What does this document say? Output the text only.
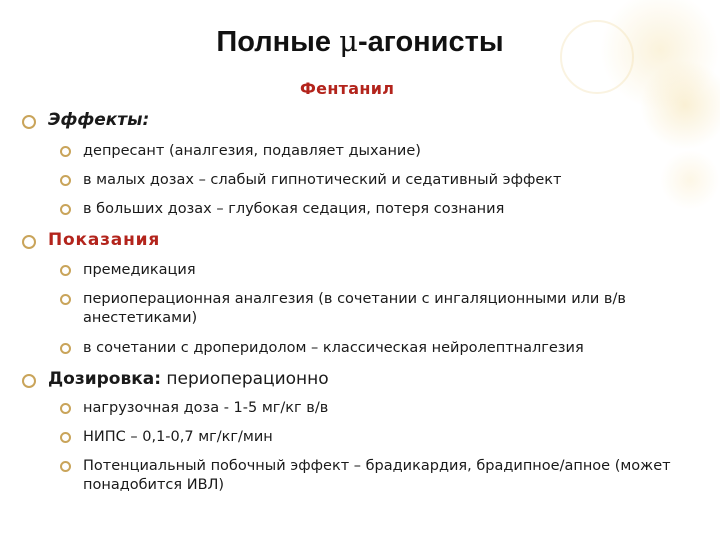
Полные μ-агонисты
Фентанил
Эффекты:
депресант (аналгезия, подавляет дыхание)
в малых дозах – слабый гипнотический и седативный эффект
в больших дозах – глубокая седация, потеря сознания
Показания
премедикация
периоперационная аналгезия (в сочетании с ингаляционными или в/в анестетиками)
в сочетании с дроперидолом – классическая нейролептналгезия
Дозировка: периоперационно
нагрузочная доза - 1-5 мг/кг в/в
НИПС – 0,1-0,7 мг/кг/мин
Потенциальный побочный эффект – брадикардия, брадипное/апное (может понадобится ИВЛ)
